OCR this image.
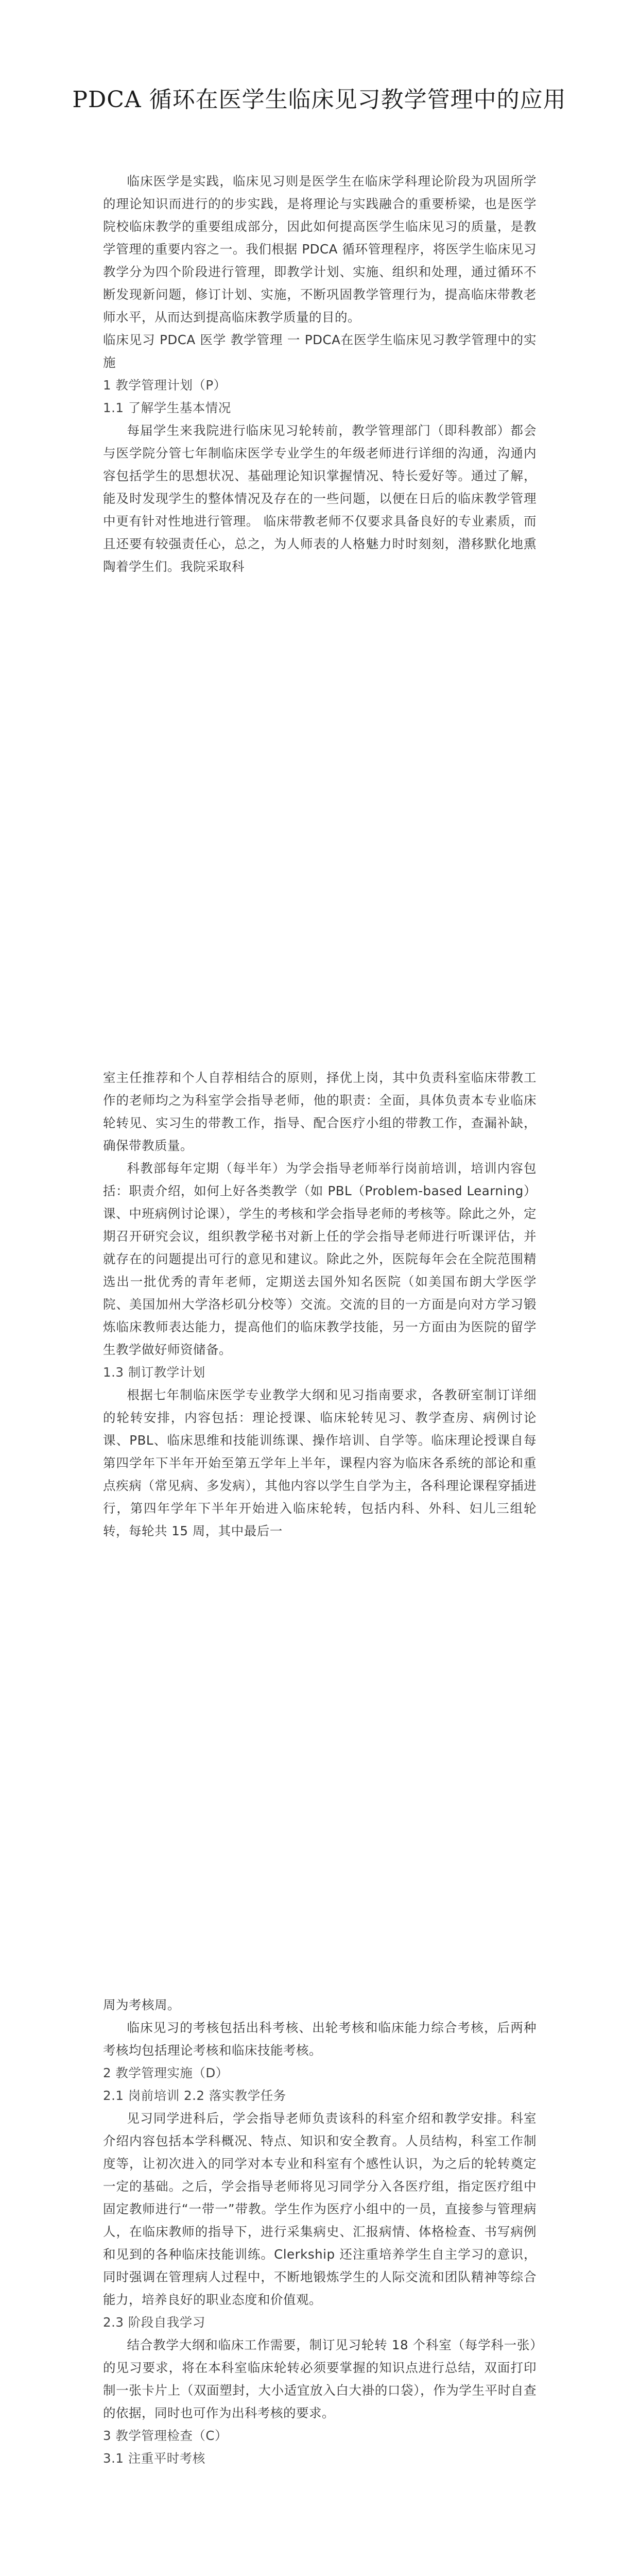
PDCA 循环在医学生临床见习教学管理中的应用

临床医学是实践，临床见习则是医学生在临床学科理论阶段为巩固所学的理论知识而进行的的步实践，是将理论与实践融合的重要桥梁，也是医学院校临床教学的重要组成部分，因此如何提高医学生临床见习的质量，是教学管理的重要内容之一。我们根据 PDCA 循环管理程序，将医学生临床见习教学分为四个阶段进行管理，即教学计划、实施、组织和处理，通过循环不断发现新问题，修订计划、实施，不断巩固教学管理行为，提高临床带教老师水平，从而达到提高临床教学质量的目的。

临床见习 PDCA 医学 教学管理 一 PDCA在医学生临床见习教学管理中的实施

1 教学管理计划（P）

1.1 了解学生基本情况

每届学生来我院进行临床见习轮转前，教学管理部门（即科教部）都会与医学院分管七年制临床医学专业学生的年级老师进行详细的沟通，沟通内容包括学生的思想状况、基础理论知识掌握情况、特长爱好等。通过了解，能及时发现学生的整体情况及存在的一些问题，以便在日后的临床教学管理中更有针对性地进行管理。 临床带教老师不仅要求具备良好的专业素质，而且还要有较强责任心，总之，为人师表的人格魅力时时刻刻，潜移默化地熏陶着学生们。我院采取科

室主任推荐和个人自荐相结合的原则，择优上岗，其中负责科室临床带教工作的老师均之为科室学会指导老师，他的职责：全面，具体负责本专业临床轮转见、实习生的带教工作，指导、配合医疗小组的带教工作，查漏补缺，确保带教质量。

科教部每年定期（每半年）为学会指导老师举行岗前培训，培训内容包括：职责介绍，如何上好各类教学（如 PBL（Problem-based Learning）课、中班病例讨论课），学生的考核和学会指导老师的考核等。除此之外，定期召开研究会议，组织教学秘书对新上任的学会指导老师进行听课评估，并就存在的问题提出可行的意见和建议。除此之外，医院每年会在全院范围精选出一批优秀的青年老师，定期送去国外知名医院（如美国布朗大学医学院、美国加州大学洛杉矶分校等）交流。交流的目的一方面是向对方学习锻炼临床教师表达能力，提高他们的临床教学技能，另一方面由为医院的留学生教学做好师资储备。

1.3 制订教学计划

根据七年制临床医学专业教学大纲和见习指南要求，各教研室制订详细的轮转安排，内容包括：理论授课、临床轮转见习、教学查房、病例讨论课、PBL、临床思维和技能训练课、操作培训、自学等。临床理论授课自每第四学年下半年开始至第五学年上半年，课程内容为临床各系统的部论和重点疾病（常见病、多发病），其他内容以学生自学为主，各科理论课程穿插进行，第四年学年下半年开始进入临床轮转，包括内科、外科、妇儿三组轮转，每轮共 15 周，其中最后一

周为考核周。

临床见习的考核包括出科考核、出轮考核和临床能力综合考核，后两种考核均包括理论考核和临床技能考核。

2 教学管理实施（D）

2.1 岗前培训 2.2 落实教学任务

见习同学进科后，学会指导老师负责该科的科室介绍和教学安排。科室介绍内容包括本学科概况、特点、知识和安全教育。人员结构，科室工作制度等，让初次进入的同学对本专业和科室有个感性认识，为之后的轮转奠定一定的基础。之后，学会指导老师将见习同学分入各医疗组，指定医疗组中固定教师进行“一带一”带教。学生作为医疗小组中的一员，直接参与管理病人，在临床教师的指导下，进行采集病史、汇报病情、体格检查、书写病例和见到的各种临床技能训练。Clerkship 还注重培养学生自主学习的意识，同时强调在管理病人过程中，不断地锻炼学生的人际交流和团队精神等综合能力，培养良好的职业态度和价值观。

2.3 阶段自我学习

结合教学大纲和临床工作需要，制订见习轮转 18 个科室（每学科一张）的见习要求，将在本科室临床轮转必须要掌握的知识点进行总结，双面打印制一张卡片上（双面塑封，大小适宜放入白大褂的口袋），作为学生平时自查的依据，同时也可作为出科考核的要求。

3 教学管理检查（C）

3.1 注重平时考核
